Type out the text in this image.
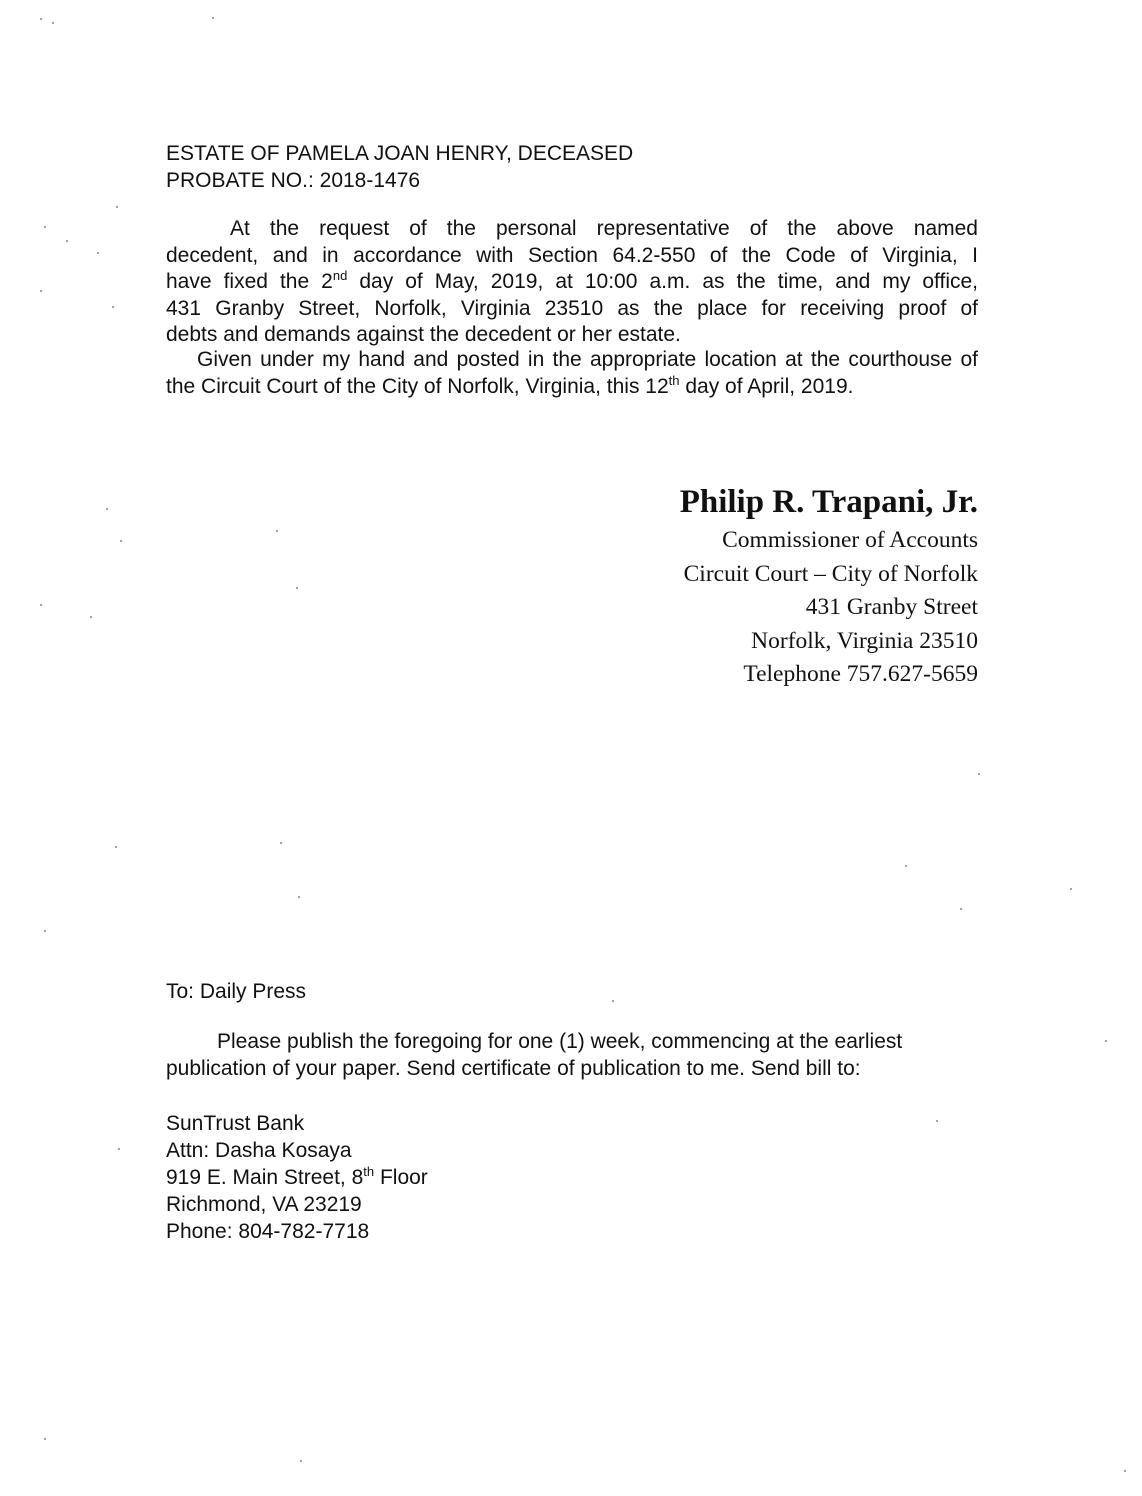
ESTATE OF PAMELA JOAN HENRY, DECEASED
PROBATE NO.: 2018-1476
At the request of the personal representative of the above named
decedent, and in accordance with Section 64.2-550 of the Code of Virginia, I
have fixed the 2nd day of May, 2019, at 10:00 a.m. as the time, and my office,
431 Granby Street, Norfolk, Virginia 23510 as the place for receiving proof of
debts and demands against the decedent or her estate.
Given under my hand and posted in the appropriate location at the courthouse of the Circuit Court of the City of Norfolk, Virginia, this 12th day of April, 2019.
Philip R. Trapani, Jr.
Commissioner of Accounts
Circuit Court – City of Norfolk
431 Granby Street
Norfolk, Virginia 23510
Telephone 757.627-5659
To: Daily Press
Please publish the foregoing for one (1) week, commencing at the earliest
publication of your paper. Send certificate of publication to me. Send bill to:
SunTrust Bank
Attn: Dasha Kosaya
919 E. Main Street, 8th Floor
Richmond, VA 23219
Phone: 804-782-7718
